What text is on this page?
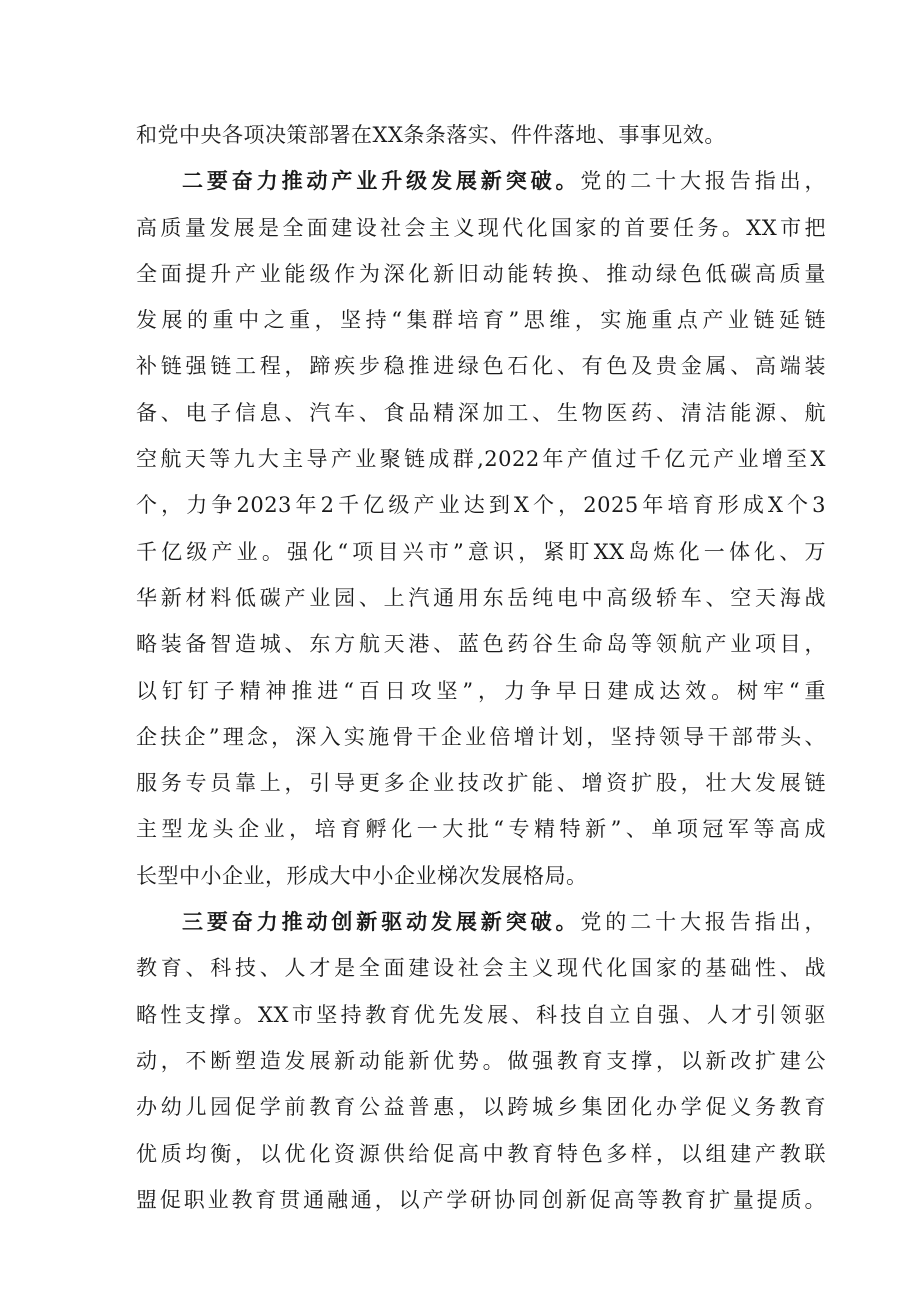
和党中央各项决策部署在XX条条落实、件件落地、事事见效。
二要奋力推动产业升级发展新突破。党的二十大报告指出，
高质量发展是全面建设社会主义现代化国家的首要任务。XX市把
全面提升产业能级作为深化新旧动能转换、推动绿色低碳高质量
发展的重中之重，坚持“集群培育”思维，实施重点产业链延链
补链强链工程，蹄疾步稳推进绿色石化、有色及贵金属、高端装
备、电子信息、汽车、食品精深加工、生物医药、清洁能源、航
空航天等九大主导产业聚链成群,2022年产值过千亿元产业增至X
个，力争2023年2千亿级产业达到X个，2025年培育形成X个3
千亿级产业。强化“项目兴市”意识，紧盯XX岛炼化一体化、万
华新材料低碳产业园、上汽通用东岳纯电中高级轿车、空天海战
略装备智造城、东方航天港、蓝色药谷生命岛等领航产业项目，
以钉钉子精神推进“百日攻坚”，力争早日建成达效。树牢“重
企扶企”理念，深入实施骨干企业倍增计划，坚持领导干部带头、
服务专员靠上，引导更多企业技改扩能、增资扩股，壮大发展链
主型龙头企业，培育孵化一大批“专精特新”、单项冠军等高成
长型中小企业，形成大中小企业梯次发展格局。
三要奋力推动创新驱动发展新突破。党的二十大报告指出，
教育、科技、人才是全面建设社会主义现代化国家的基础性、战
略性支撑。XX市坚持教育优先发展、科技自立自强、人才引领驱
动，不断塑造发展新动能新优势。做强教育支撑，以新改扩建公
办幼儿园促学前教育公益普惠，以跨城乡集团化办学促义务教育
优质均衡，以优化资源供给促高中教育特色多样，以组建产教联
盟促职业教育贯通融通，以产学研协同创新促高等教育扩量提质。
